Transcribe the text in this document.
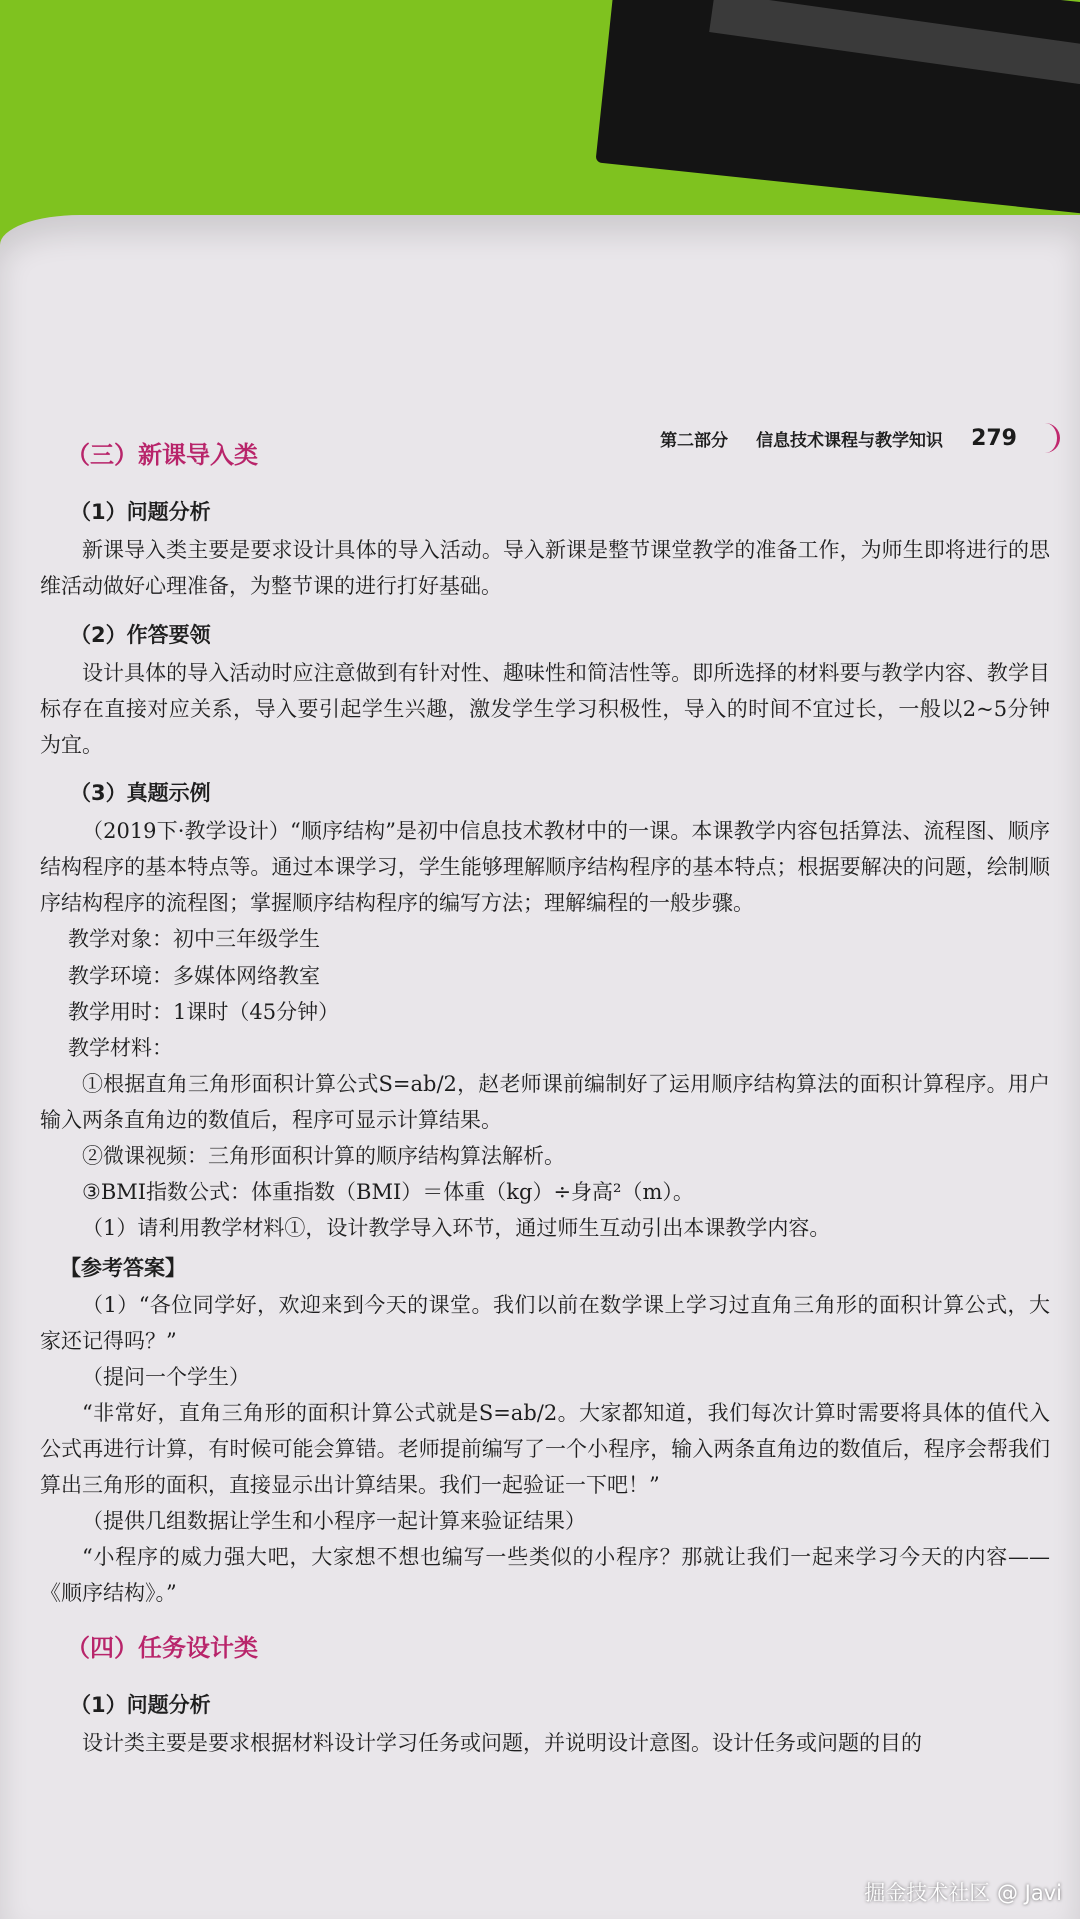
第二部分 信息技术课程与教学知识 279
（三）新课导入类
（1）问题分析

新课导入类主要是要求设计具体的导入活动。导入新课是整节课堂教学的准备工作，为师生即将进行的思维活动做好心理准备，为整节课的进行打好基础。

（2）作答要领

设计具体的导入活动时应注意做到有针对性、趣味性和简洁性等。即所选择的材料要与教学内容、教学目标存在直接对应关系，导入要引起学生兴趣，激发学生学习积极性，导入的时间不宜过长，一般以2~5分钟为宜。

（3）真题示例

（2019下·教学设计）“顺序结构”是初中信息技术教材中的一课。本课教学内容包括算法、流程图、顺序结构程序的基本特点等。通过本课学习，学生能够理解顺序结构程序的基本特点；根据要解决的问题，绘制顺序结构程序的流程图；掌握顺序结构程序的编写方法；理解编程的一般步骤。

教学对象：初中三年级学生

教学环境：多媒体网络教室

教学用时：1课时（45分钟）

教学材料：

①根据直角三角形面积计算公式S=ab/2，赵老师课前编制好了运用顺序结构算法的面积计算程序。用户输入两条直角边的数值后，程序可显示计算结果。

②微课视频：三角形面积计算的顺序结构算法解析。

③BMI指数公式：体重指数（BMI）＝体重（kg）÷身高²（m）。

（1）请利用教学材料①，设计教学导入环节，通过师生互动引出本课教学内容。

【参考答案】

（1）“各位同学好，欢迎来到今天的课堂。我们以前在数学课上学习过直角三角形的面积计算公式，大家还记得吗？”

（提问一个学生）

“非常好，直角三角形的面积计算公式就是S=ab/2。大家都知道，我们每次计算时需要将具体的值代入公式再进行计算，有时候可能会算错。老师提前编写了一个小程序，输入两条直角边的数值后，程序会帮我们算出三角形的面积，直接显示出计算结果。我们一起验证一下吧！”

（提供几组数据让学生和小程序一起计算来验证结果）

“小程序的威力强大吧，大家想不想也编写一些类似的小程序？那就让我们一起来学习今天的内容——《顺序结构》。”

（四）任务设计类
（1）问题分析

设计类主要是要求根据材料设计学习任务或问题，并说明设计意图。设计任务或问题的目的

掘金技术社区 @ Javi
